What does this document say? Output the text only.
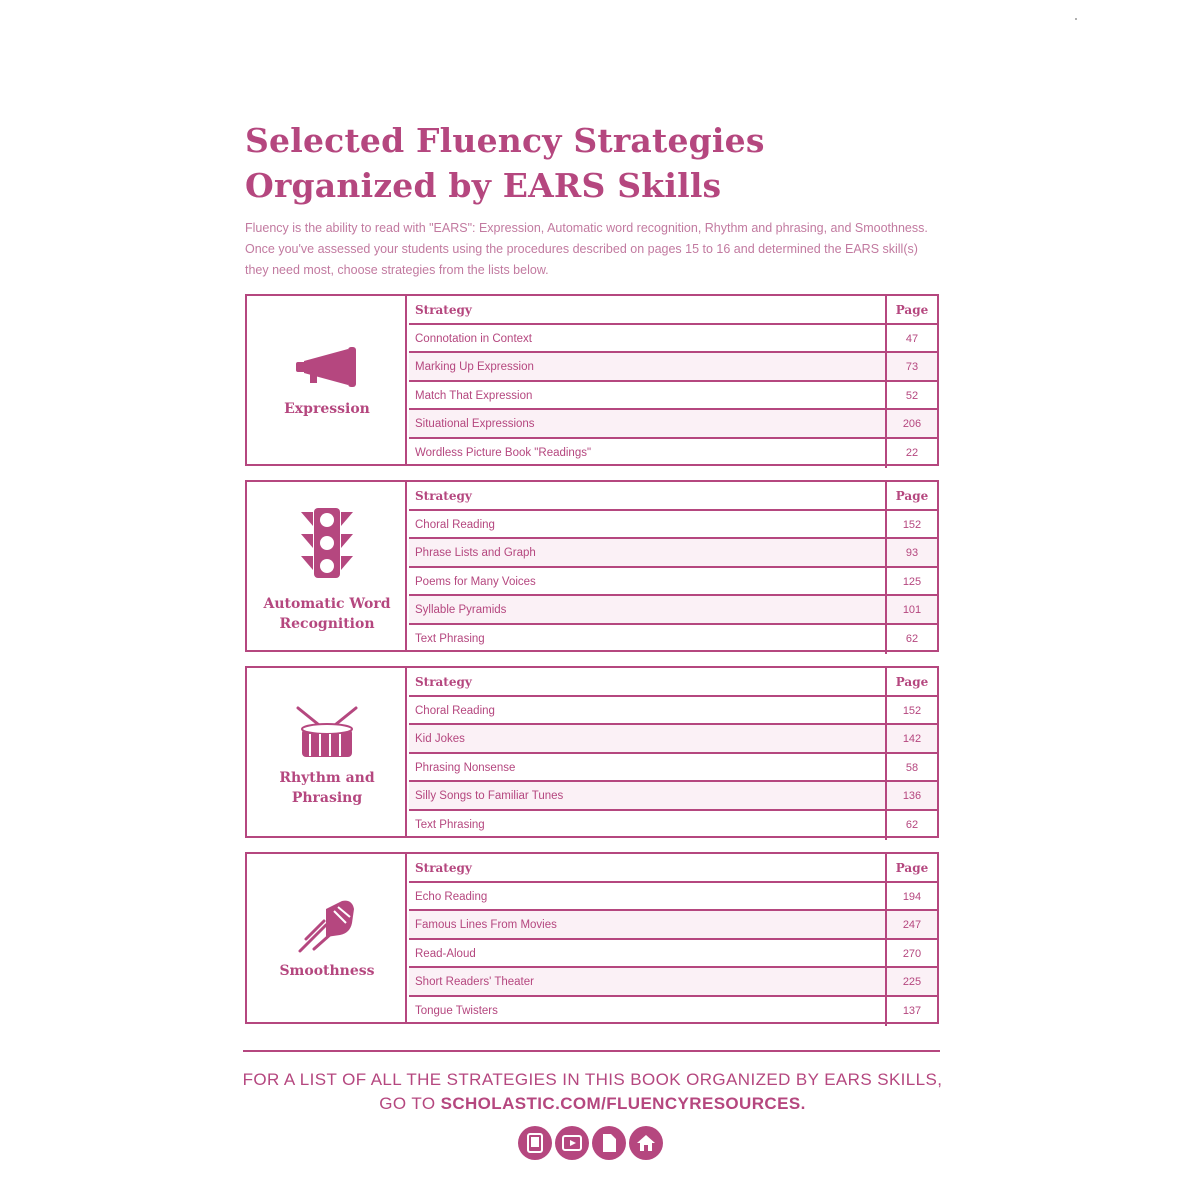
Selected Fluency Strategies
Organized by EARS Skills

Fluency is the ability to read with "EARS": Expression, Automatic word recognition, Rhythm and phrasing, and Smoothness. Once you've assessed your students using the procedures described on pages 15 to 16 and determined the EARS skill(s) they need most, choose strategies from the lists below.

Expression
Strategy	Page
Connotation in Context	47
Marking Up Expression	73
Match That Expression	52
Situational Expressions	206
Wordless Picture Book "Readings"	22
Automatic Word
Recognition
Strategy	Page
Choral Reading	152
Phrase Lists and Graph	93
Poems for Many Voices	125
Syllable Pyramids	101
Text Phrasing	62
Rhythm and
Phrasing
Strategy	Page
Choral Reading	152
Kid Jokes	142
Phrasing Nonsense	58
Silly Songs to Familiar Tunes	136
Text Phrasing	62
Smoothness
Strategy	Page
Echo Reading	194
Famous Lines From Movies	247
Read-Aloud	270
Short Readers' Theater	225
Tongue Twisters	137
FOR A LIST OF ALL THE STRATEGIES IN THIS BOOK ORGANIZED BY EARS SKILLS,
GO TO SCHOLASTIC.COM/FLUENCYRESOURCES.
